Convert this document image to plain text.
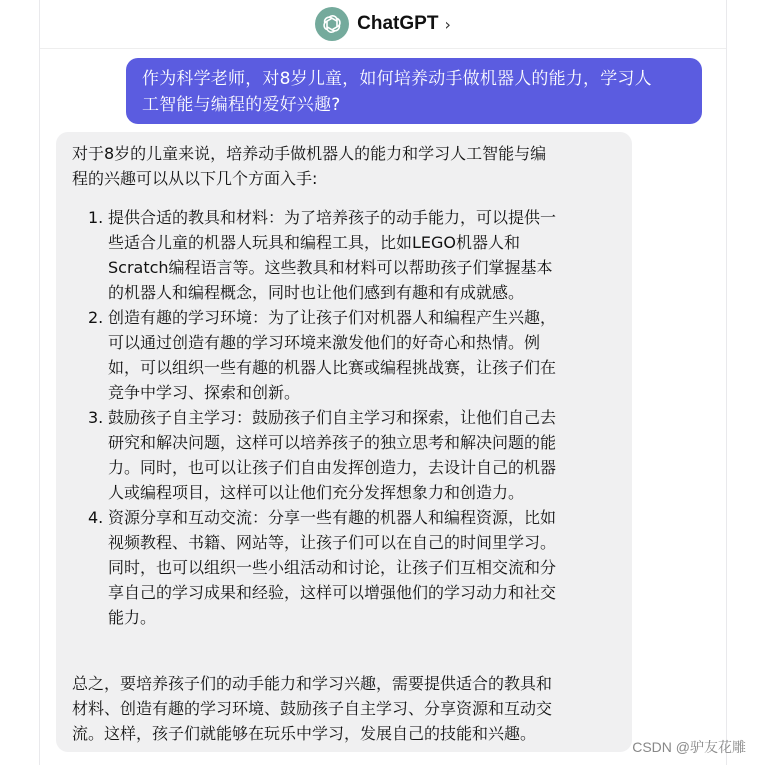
ChatGPT ›
作为科学老师，对8岁儿童，如何培养动手做机器人的能力，学习人
工智能与编程的爱好兴趣?

对于8岁的儿童来说，培养动手做机器人的能力和学习人工智能与编
程的兴趣可以从以下几个方面入手:

1. 提供合适的教具和材料：为了培养孩子的动手能力，可以提供一
些适合儿童的机器人玩具和编程工具，比如LEGO机器人和
Scratch编程语言等。这些教具和材料可以帮助孩子们掌握基本
的机器人和编程概念，同时也让他们感到有趣和有成就感。
2. 创造有趣的学习环境：为了让孩子们对机器人和编程产生兴趣，
可以通过创造有趣的学习环境来激发他们的好奇心和热情。例
如，可以组织一些有趣的机器人比赛或编程挑战赛，让孩子们在
竞争中学习、探索和创新。
3. 鼓励孩子自主学习：鼓励孩子们自主学习和探索，让他们自己去
研究和解决问题，这样可以培养孩子的独立思考和解决问题的能
力。同时，也可以让孩子们自由发挥创造力，去设计自己的机器
人或编程项目，这样可以让他们充分发挥想象力和创造力。
4. 资源分享和互动交流：分享一些有趣的机器人和编程资源，比如
视频教程、书籍、网站等，让孩子们可以在自己的时间里学习。
同时，也可以组织一些小组活动和讨论，让孩子们互相交流和分
享自己的学习成果和经验，这样可以增强他们的学习动力和社交
能力。

总之，要培养孩子们的动手能力和学习兴趣，需要提供适合的教具和
材料、创造有趣的学习环境、鼓励孩子自主学习、分享资源和互动交
流。这样，孩子们就能够在玩乐中学习，发展自己的技能和兴趣。

CSDN @驴友花雕
